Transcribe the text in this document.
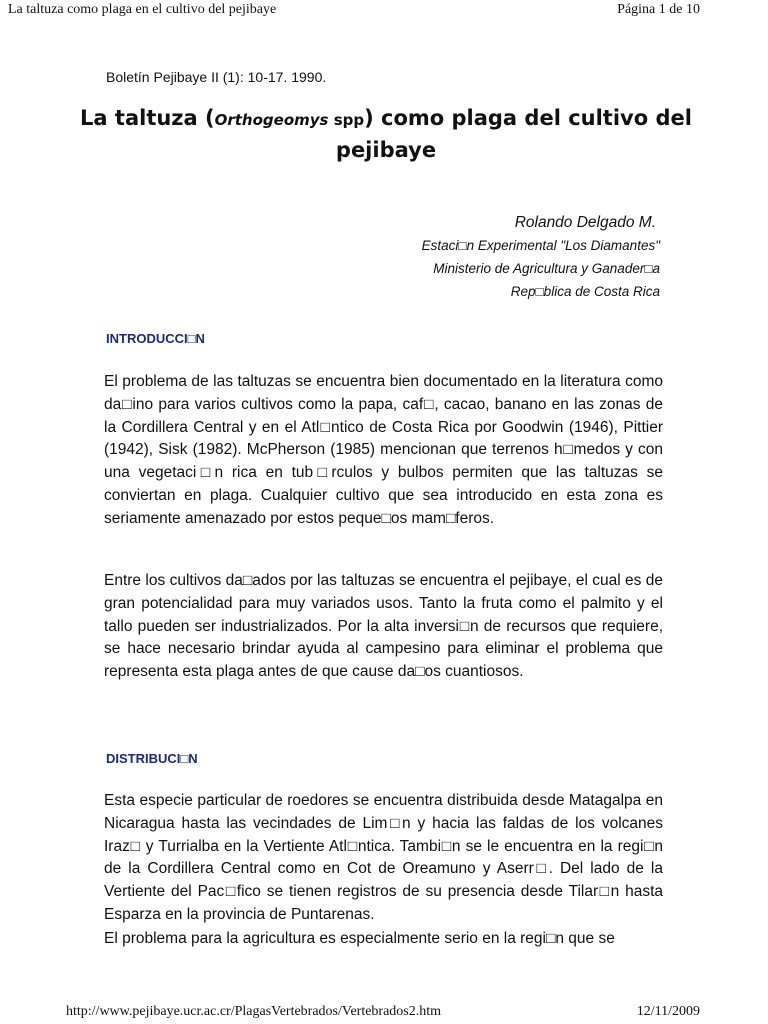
La taltuza como plaga en el cultivo del pejibaye	Página 1 de 10
Boletín Pejibaye II (1): 10-17. 1990.
La taltuza (Orthogeomys spp) como plaga del cultivo del pejibaye
Rolando Delgado M.
Estaci□n Experimental "Los Diamantes"
Ministerio de Agricultura y Ganader□a
Rep□blica de Costa Rica
INTRODUCCI□N

El problema de las taltuzas se encuentra bien documentado en la literatura como da□ino para varios cultivos como la papa, caf□, cacao, banano en las zonas de la Cordillera Central y en el Atl□ntico de Costa Rica por Goodwin (1946), Pittier (1942), Sisk (1982). McPherson (1985) mencionan que terrenos h□medos y con una vegetaci□n rica en tub□rculos y bulbos permiten que las taltuzas se conviertan en plaga. Cualquier cultivo que sea introducido en esta zona es seriamente amenazado por estos peque□os mam□feros.

Entre los cultivos da□ados por las taltuzas se encuentra el pejibaye, el cual es de gran potencialidad para muy variados usos. Tanto la fruta como el palmito y el tallo pueden ser industrializados. Por la alta inversi□n de recursos que requiere, se hace necesario brindar ayuda al campesino para eliminar el problema que representa esta plaga antes de que cause da□os cuantiosos.

DISTRIBUCI□N

Esta especie particular de roedores se encuentra distribuida desde Matagalpa en Nicaragua hasta las vecindades de Lim□n y hacia las faldas de los volcanes Iraz□ y Turrialba en la Vertiente Atl□ntica. Tambi□n se le encuentra en la regi□n de la Cordillera Central como en Cot de Oreamuno y Aserr□. Del lado de la Vertiente del Pac□fico se tienen registros de su presencia desde Tilar□n hasta Esparza en la provincia de Puntarenas.

El problema para la agricultura es especialmente serio en la regi□n que se

http://www.pejibaye.ucr.ac.cr/PlagasVertebrados/Vertebrados2.htm	12/11/2009
